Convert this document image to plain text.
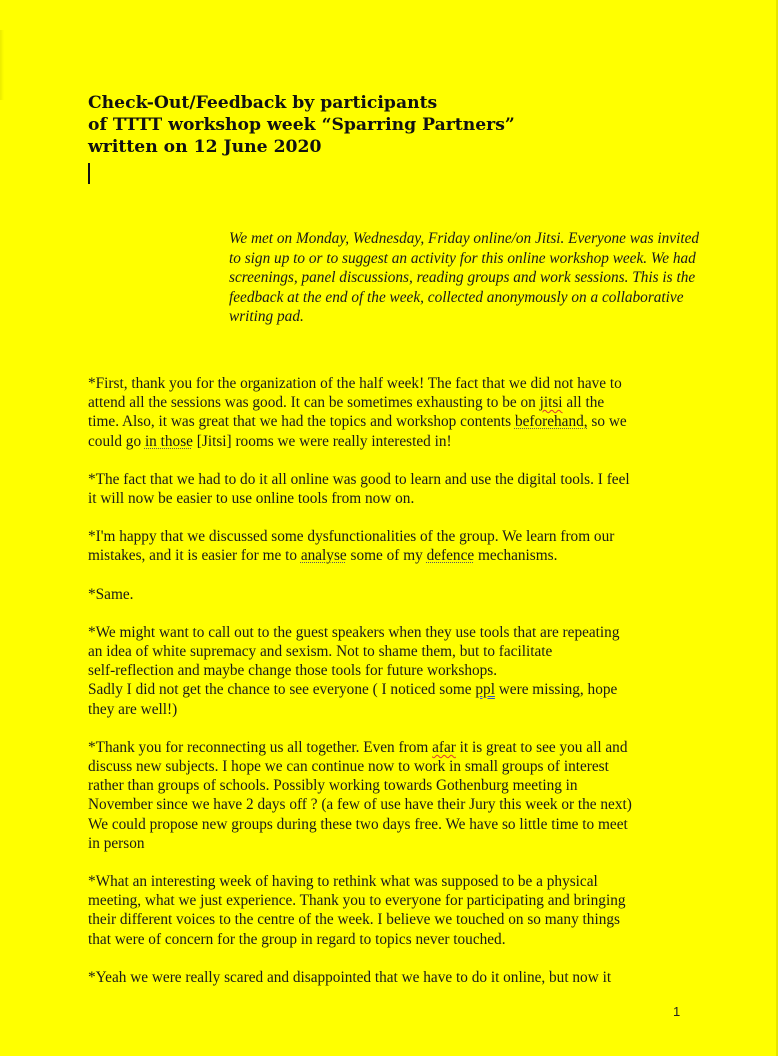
Check-Out/Feedback by participants
of TTTT workshop week “Sparring Partners”
written on 12 June 2020

We met on Monday, Wednesday, Friday online/on Jitsi. Everyone was invited to sign up to or to suggest an activity for this online workshop week. We had screenings, panel discussions, reading groups and work sessions. This is the feedback at the end of the week, collected anonymously on a collaborative writing pad.

*First, thank you for the organization of the half week! The fact that we did not have to
attend all the sessions was good. It can be sometimes exhausting to be on jitsi all the
time. Also, it was great that we had the topics and workshop contents beforehand, so we
could go in those [Jitsi] rooms we were really interested in!

*The fact that we had to do it all online was good to learn and use the digital tools. I feel
it will now be easier to use online tools from now on.

*I'm happy that we discussed some dysfunctionalities of the group. We learn from our
mistakes, and it is easier for me to analyse some of my defence mechanisms.

*Same.

*We might want to call out to the guest speakers when they use tools that are repeating
an idea of white supremacy and sexism. Not to shame them, but to facilitate
self-reflection and maybe change those tools for future workshops.
Sadly I did not get the chance to see everyone ( I noticed some ppl were missing, hope
they are well!)

*Thank you for reconnecting us all together. Even from afar it is great to see you all and
discuss new subjects. I hope we can continue now to work in small groups of interest
rather than groups of schools. Possibly working towards Gothenburg meeting in
November since we have 2 days off ? (a few of use have their Jury this week or the next)
We could propose new groups during these two days free. We have so little time to meet
in person

*What an interesting week of having to rethink what was supposed to be a physical
meeting, what we just experience. Thank you to everyone for participating and bringing
their different voices to the centre of the week. I believe we touched on so many things
that were of concern for the group in regard to topics never touched.

*Yeah we were really scared and disappointed that we have to do it online, but now it

1
